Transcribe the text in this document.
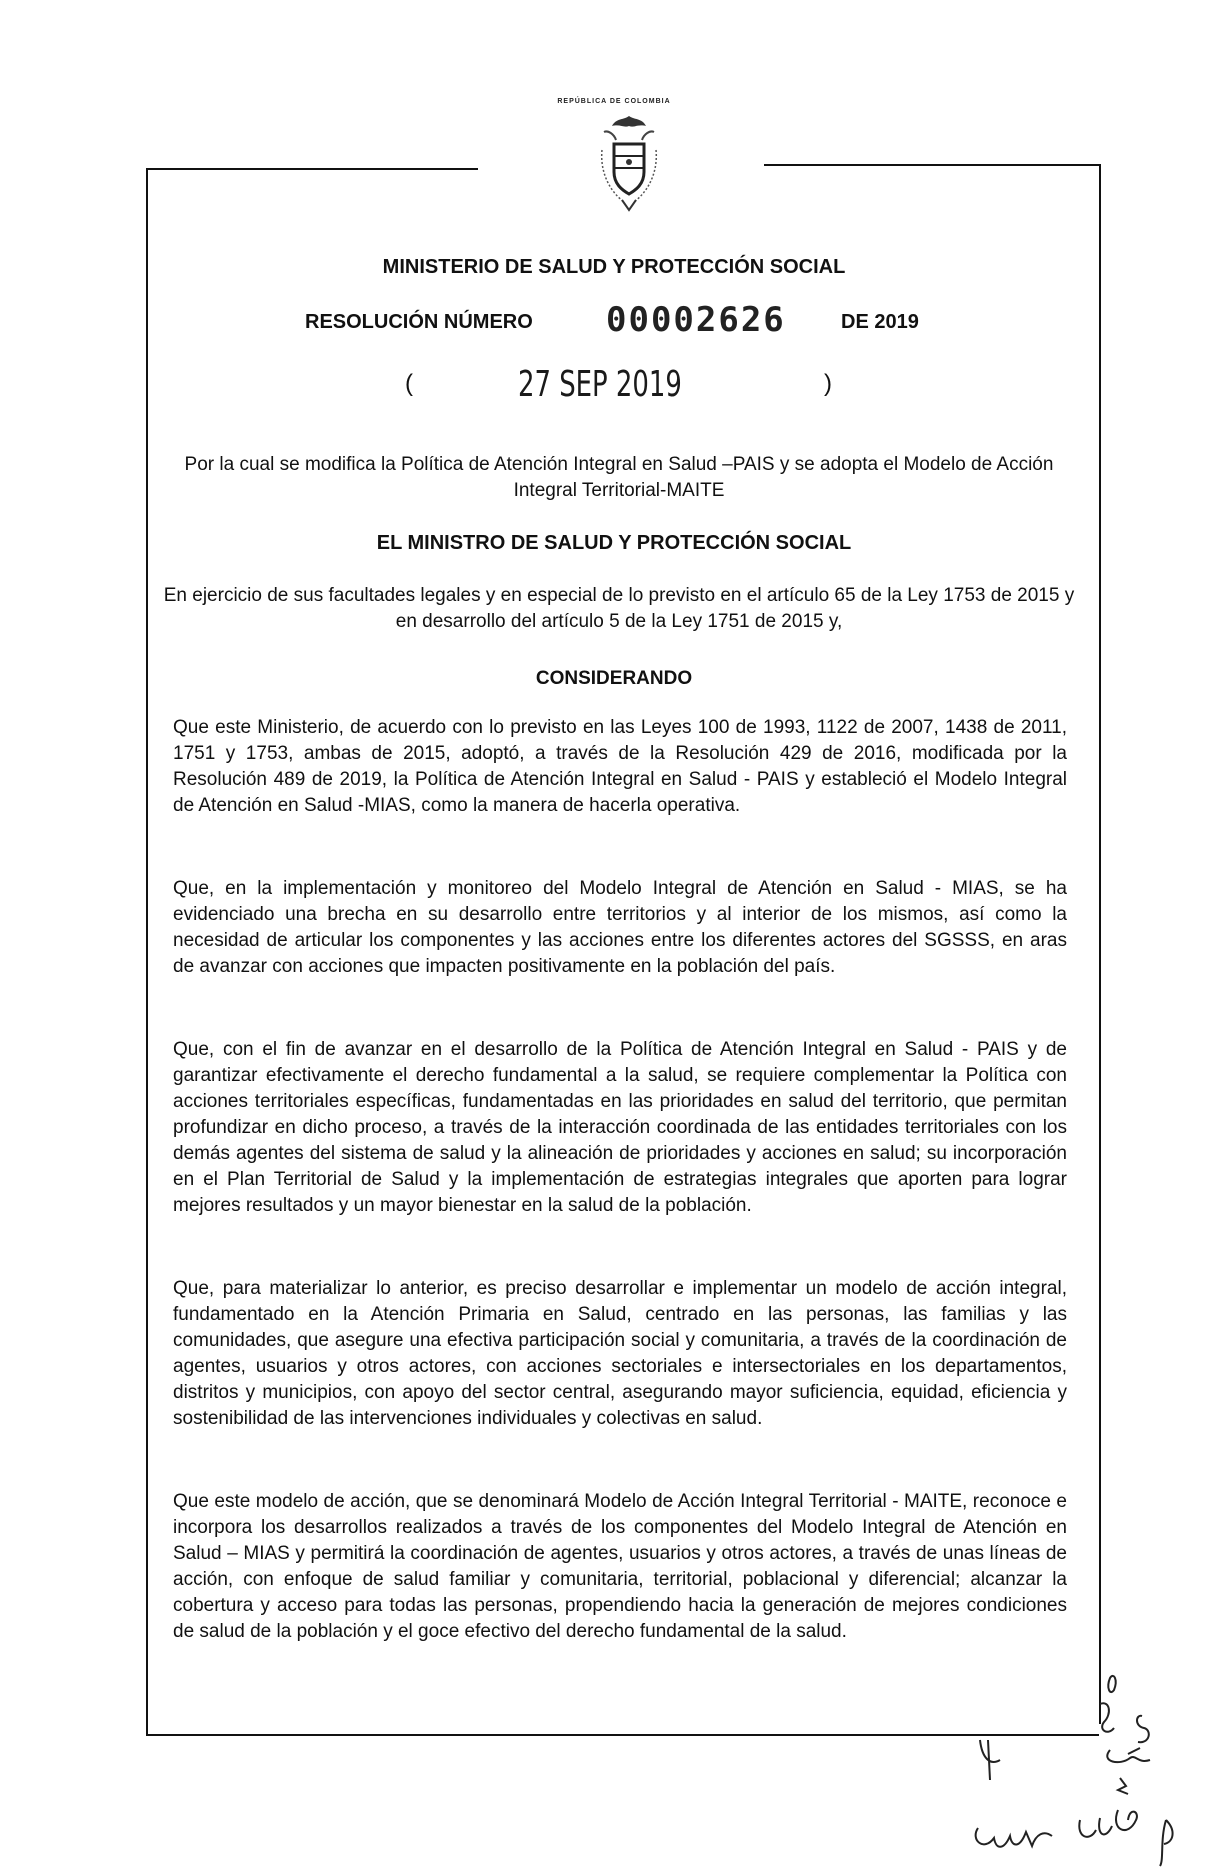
REPÚBLICA DE COLOMBIA
MINISTERIO DE SALUD Y PROTECCIÓN SOCIAL
RESOLUCIÓN NÚMERO 00002626	DE 2019
(	27 SEP 2019	)
Por la cual se modifica la Política de Atención Integral en Salud –PAIS y se adopta el Modelo de Acción Integral Territorial-MAITE
EL MINISTRO DE SALUD Y PROTECCIÓN SOCIAL
En ejercicio de sus facultades legales y en especial de lo previsto en el artículo 65 de la Ley 1753 de 2015 y en desarrollo del artículo 5 de la Ley 1751 de 2015 y,
CONSIDERANDO

Que este Ministerio, de acuerdo con lo previsto en las Leyes 100 de 1993, 1122 de 2007, 1438 de 2011, 1751 y 1753, ambas de 2015, adoptó, a través de la Resolución 429 de 2016, modificada por la Resolución 489 de 2019, la Política de Atención Integral en Salud - PAIS y estableció el Modelo Integral de Atención en Salud -MIAS, como la manera de hacerla operativa.

Que, en la implementación y monitoreo del Modelo Integral de Atención en Salud - MIAS, se ha evidenciado una brecha en su desarrollo entre territorios y al interior de los mismos, así como la necesidad de articular los componentes y las acciones entre los diferentes actores del SGSSS, en aras de avanzar con acciones que impacten positivamente en la población del país.

Que, con el fin de avanzar en el desarrollo de la Política de Atención Integral en Salud - PAIS y de garantizar efectivamente el derecho fundamental a la salud, se requiere complementar la Política con acciones territoriales específicas, fundamentadas en las prioridades en salud del territorio, que permitan profundizar en dicho proceso, a través de la interacción coordinada de las entidades territoriales con los demás agentes del sistema de salud y la alineación de prioridades y acciones en salud; su incorporación en el Plan Territorial de Salud y la implementación de estrategias integrales que aporten para lograr mejores resultados y un mayor bienestar en la salud de la población.

Que, para materializar lo anterior, es preciso desarrollar e implementar un modelo de acción integral, fundamentado en la Atención Primaria en Salud, centrado en las personas, las familias y las comunidades, que asegure una efectiva participación social y comunitaria, a través de la coordinación de agentes, usuarios y otros actores, con acciones sectoriales e intersectoriales en los departamentos, distritos y municipios, con apoyo del sector central, asegurando mayor suficiencia, equidad, eficiencia y sostenibilidad de las intervenciones individuales y colectivas en salud.

Que este modelo de acción, que se denominará Modelo de Acción Integral Territorial - MAITE, reconoce e incorpora los desarrollos realizados a través de los componentes del Modelo Integral de Atención en Salud – MIAS y permitirá la coordinación de agentes, usuarios y otros actores, a través de unas líneas de acción, con enfoque de salud familiar y comunitaria, territorial, poblacional y diferencial; alcanzar la cobertura y acceso para todas las personas, propendiendo hacia la generación de mejores condiciones de salud de la población y el goce efectivo del derecho fundamental de la salud.
